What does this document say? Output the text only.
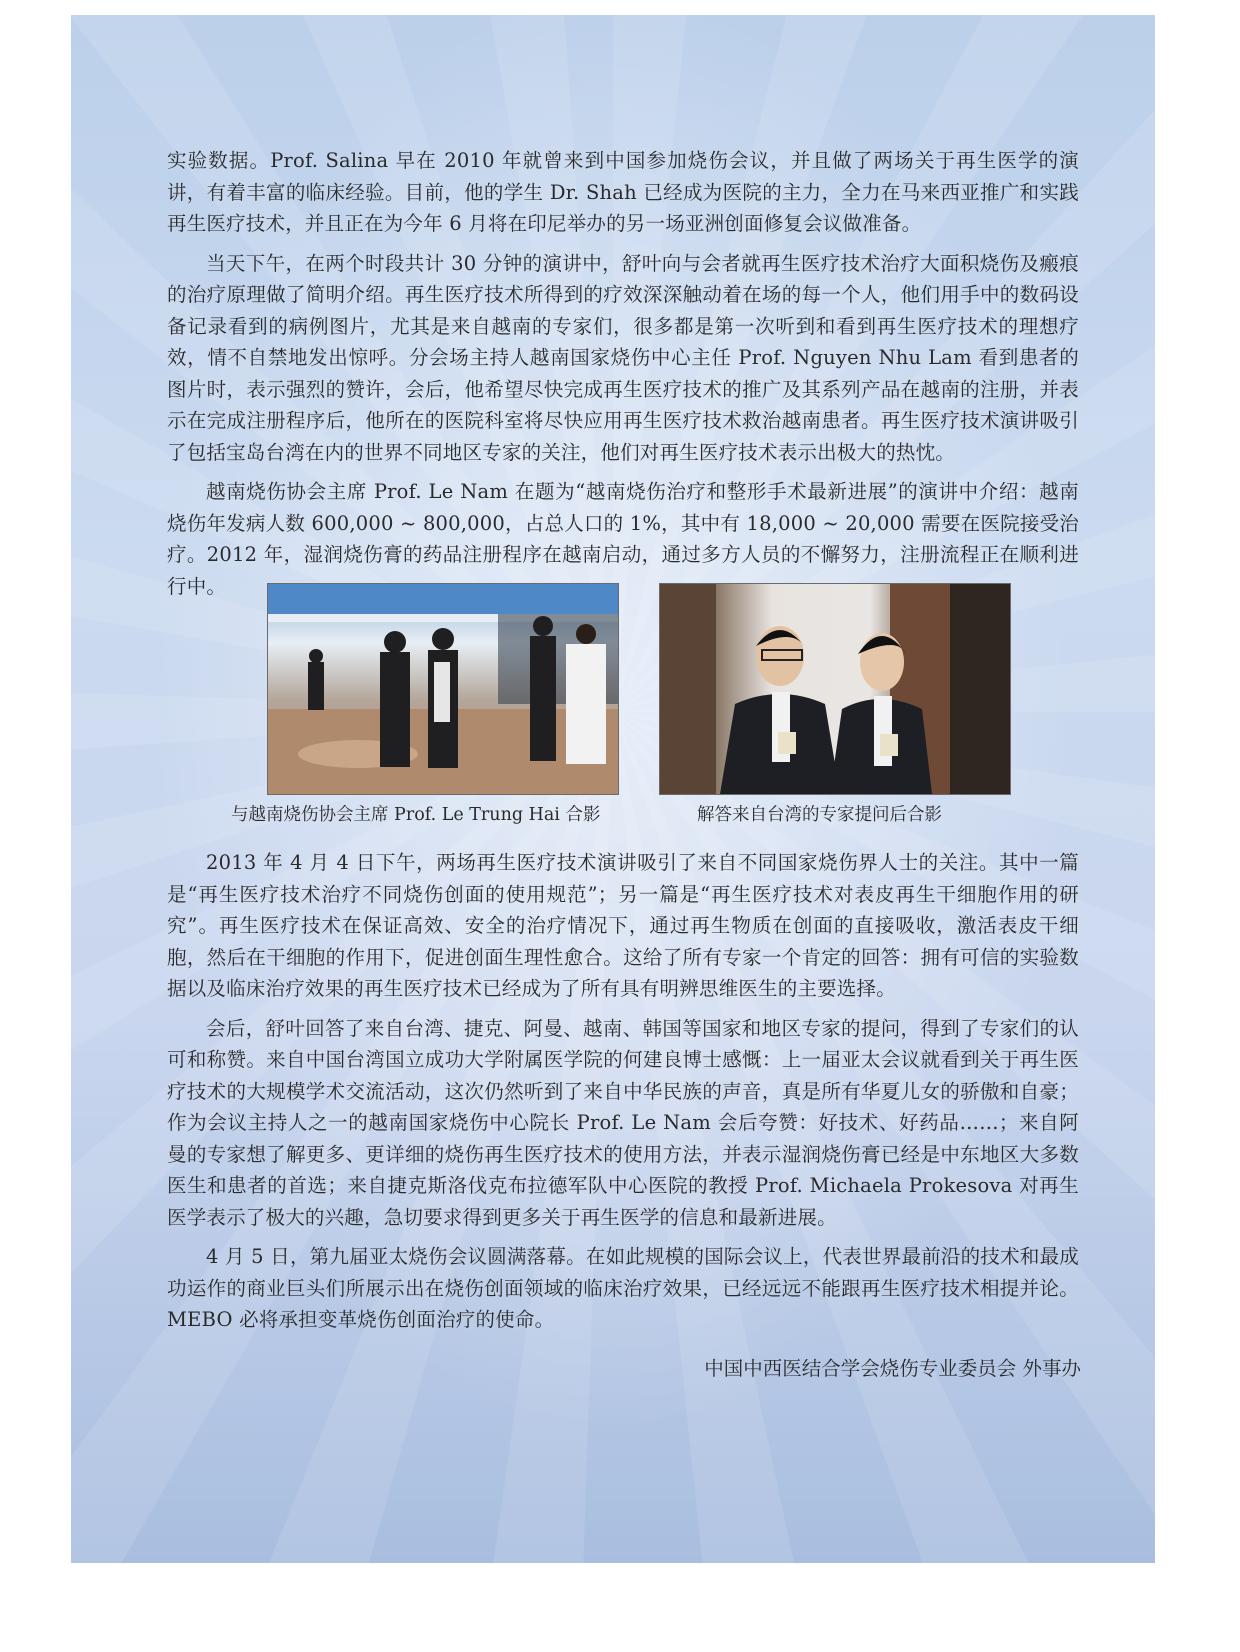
实验数据。Prof. Salina 早在 2010 年就曾来到中国参加烧伤会议，并且做了两场关于再生医学的演讲，有着丰富的临床经验。目前，他的学生 Dr. Shah 已经成为医院的主力，全力在马来西亚推广和实践再生医疗技术，并且正在为今年 6 月将在印尼举办的另一场亚洲创面修复会议做准备。

当天下午，在两个时段共计 30 分钟的演讲中，舒叶向与会者就再生医疗技术治疗大面积烧伤及瘢痕的治疗原理做了简明介绍。再生医疗技术所得到的疗效深深触动着在场的每一个人，他们用手中的数码设备记录看到的病例图片，尤其是来自越南的专家们，很多都是第一次听到和看到再生医疗技术的理想疗效，情不自禁地发出惊呼。分会场主持人越南国家烧伤中心主任 Prof. Nguyen Nhu Lam 看到患者的图片时，表示强烈的赞许，会后，他希望尽快完成再生医疗技术的推广及其系列产品在越南的注册，并表示在完成注册程序后，他所在的医院科室将尽快应用再生医疗技术救治越南患者。再生医疗技术演讲吸引了包括宝岛台湾在内的世界不同地区专家的关注，他们对再生医疗技术表示出极大的热忱。

越南烧伤协会主席 Prof. Le Nam 在题为“越南烧伤治疗和整形手术最新进展”的演讲中介绍：越南烧伤年发病人数 600,000 ~ 800,000，占总人口的 1%，其中有 18,000 ~ 20,000 需要在医院接受治疗。2012 年，湿润烧伤膏的药品注册程序在越南启动，通过多方人员的不懈努力，注册流程正在顺利进行中。

与越南烧伤协会主席 Prof. Le Trung Hai 合影	解答来自台湾的专家提问后合影

2013 年 4 月 4 日下午，两场再生医疗技术演讲吸引了来自不同国家烧伤界人士的关注。其中一篇是“再生医疗技术治疗不同烧伤创面的使用规范”；另一篇是“再生医疗技术对表皮再生干细胞作用的研究”。再生医疗技术在保证高效、安全的治疗情况下，通过再生物质在创面的直接吸收，激活表皮干细胞，然后在干细胞的作用下，促进创面生理性愈合。这给了所有专家一个肯定的回答：拥有可信的实验数据以及临床治疗效果的再生医疗技术已经成为了所有具有明辨思维医生的主要选择。

会后，舒叶回答了来自台湾、捷克、阿曼、越南、韩国等国家和地区专家的提问，得到了专家们的认可和称赞。来自中国台湾国立成功大学附属医学院的何建良博士感慨：上一届亚太会议就看到关于再生医疗技术的大规模学术交流活动，这次仍然听到了来自中华民族的声音，真是所有华夏儿女的骄傲和自豪；作为会议主持人之一的越南国家烧伤中心院长 Prof. Le Nam 会后夸赞：好技术、好药品……；来自阿曼的专家想了解更多、更详细的烧伤再生医疗技术的使用方法，并表示湿润烧伤膏已经是中东地区大多数医生和患者的首选；来自捷克斯洛伐克布拉德军队中心医院的教授 Prof. Michaela Prokesova 对再生医学表示了极大的兴趣，急切要求得到更多关于再生医学的信息和最新进展。

4 月 5 日，第九届亚太烧伤会议圆满落幕。在如此规模的国际会议上，代表世界最前沿的技术和最成功运作的商业巨头们所展示出在烧伤创面领域的临床治疗效果，已经远远不能跟再生医疗技术相提并论。MEBO 必将承担变革烧伤创面治疗的使命。

中国中西医结合学会烧伤专业委员会 外事办
